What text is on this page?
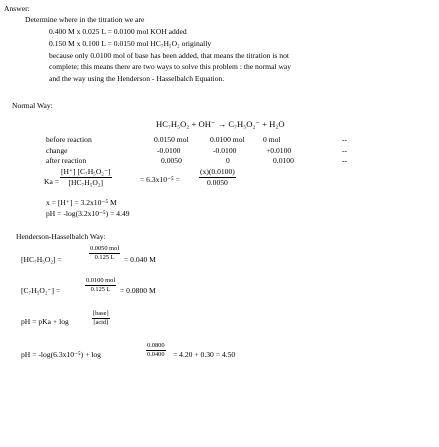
Answer:
Determine where in the titration we are
0.400 M x 0.025 L = 0.0100 mol KOH added
0.150 M x 0.100 L = 0.0150 mol HC₇H₅O₂ originally
because only 0.0100 mol of base has been added, that means the titration is not
complete; this means there are two ways to solve this problem : the normal way
and the way using the Henderson - Hasselbalch Equation.
Normal Way:
HC₇H₅O₂ + OH⁻ → C₇H₅O₂⁻ + H₂O
before reaction	0.0150 mol	0.0100 mol 0 mol	--
change	-0.0100	-0.0100	+0.0100	--
after reaction	0.0050	0	0.0100	--
$Ka = \frac{\text{[H⁺] [C₇H₅O₂⁻]}}{\text{[HC₇H₅O₂]}}$	= 6.3x10⁻⁵ =	$\frac{(x)(0.0100)}{0.0050}$
x = [H⁺] = 3.2x10⁻⁵ M
pH = -log(3.2x10⁻⁵) = 4.49
Henderson-Hasselbalch Way:
[HC₇H₅O₂] =
0.0050 mol
0.125 L = 0.040 M
[C₇H₅O₂⁻] =
0.0100 mol
0.125 L = 0.0800 M
pH = pKa + log
[base]
[acid]
pH = -log(6.3x10⁻⁵) + log	$\frac{0.0800}{0.0400} = 4.20 + 0.30 = 4.50$
